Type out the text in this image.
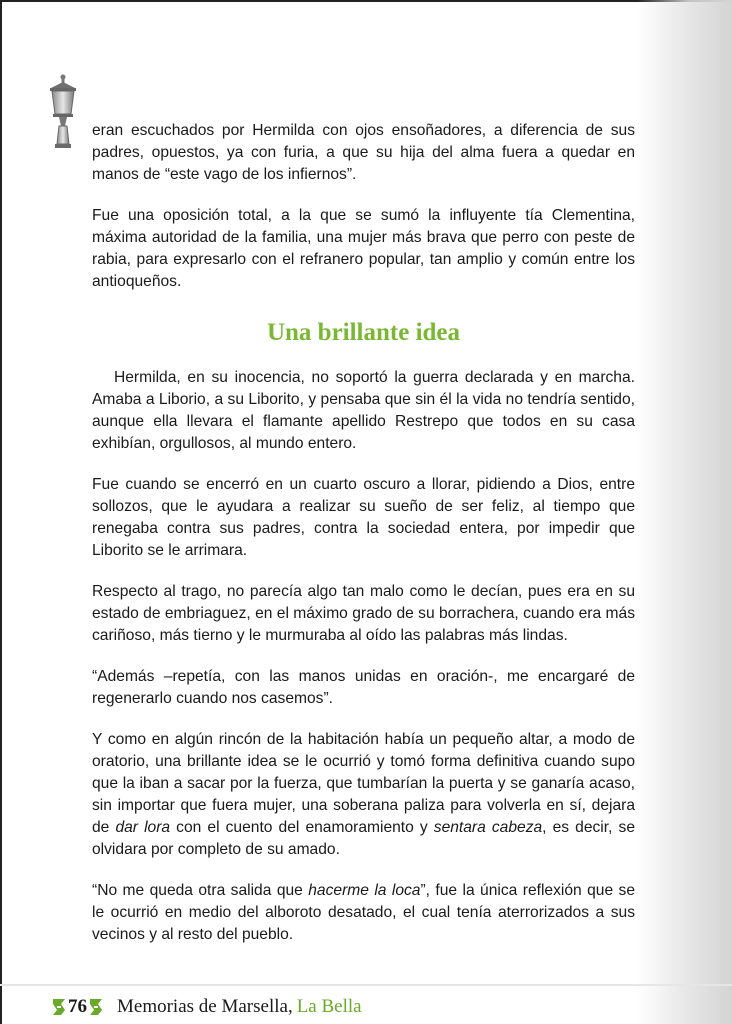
eran escuchados por Hermilda con ojos ensoñadores, a diferencia de sus padres, opuestos, ya con furia, a que su hija del alma fuera a quedar en manos de “este vago de los infiernos”.

Fue una oposición total, a la que se sumó la influyente tía Clementina, máxima autoridad de la familia, una mujer más brava que perro con peste de rabia, para expresarlo con el refranero popular, tan amplio y común entre los antioqueños.

Una brillante idea

Hermilda, en su inocencia, no soportó la guerra declarada y en marcha. Amaba a Liborio, a su Liborito, y pensaba que sin él la vida no tendría sentido, aunque ella llevara el flamante apellido Restrepo que todos en su casa exhibían, orgullosos, al mundo entero.

Fue cuando se encerró en un cuarto oscuro a llorar, pidiendo a Dios, entre sollozos, que le ayudara a realizar su sueño de ser feliz, al tiempo que renegaba contra sus padres, contra la sociedad entera, por impedir que Liborito se le arrimara.

Respecto al trago, no parecía algo tan malo como le decían, pues era en su estado de embriaguez, en el máximo grado de su borrachera, cuando era más cariñoso, más tierno y le murmuraba al oído las palabras más lindas.

“Además –repetía, con las manos unidas en oración-, me encargaré de regenerarlo cuando nos casemos”.

Y como en algún rincón de la habitación había un pequeño altar, a modo de oratorio, una brillante idea se le ocurrió y tomó forma definitiva cuando supo que la iban a sacar por la fuerza, que tumbarían la puerta y se ganaría acaso, sin importar que fuera mujer, una soberana paliza para volverla en sí, dejara de dar lora con el cuento del enamoramiento y sentara cabeza, es decir, se olvidara por completo de su amado.

“No me queda otra salida que hacerme la loca”, fue la única reflexión que se le ocurrió en medio del alboroto desatado, el cual tenía aterrorizados a sus vecinos y al resto del pueblo.

76 Memorias de Marsella, La Bella
